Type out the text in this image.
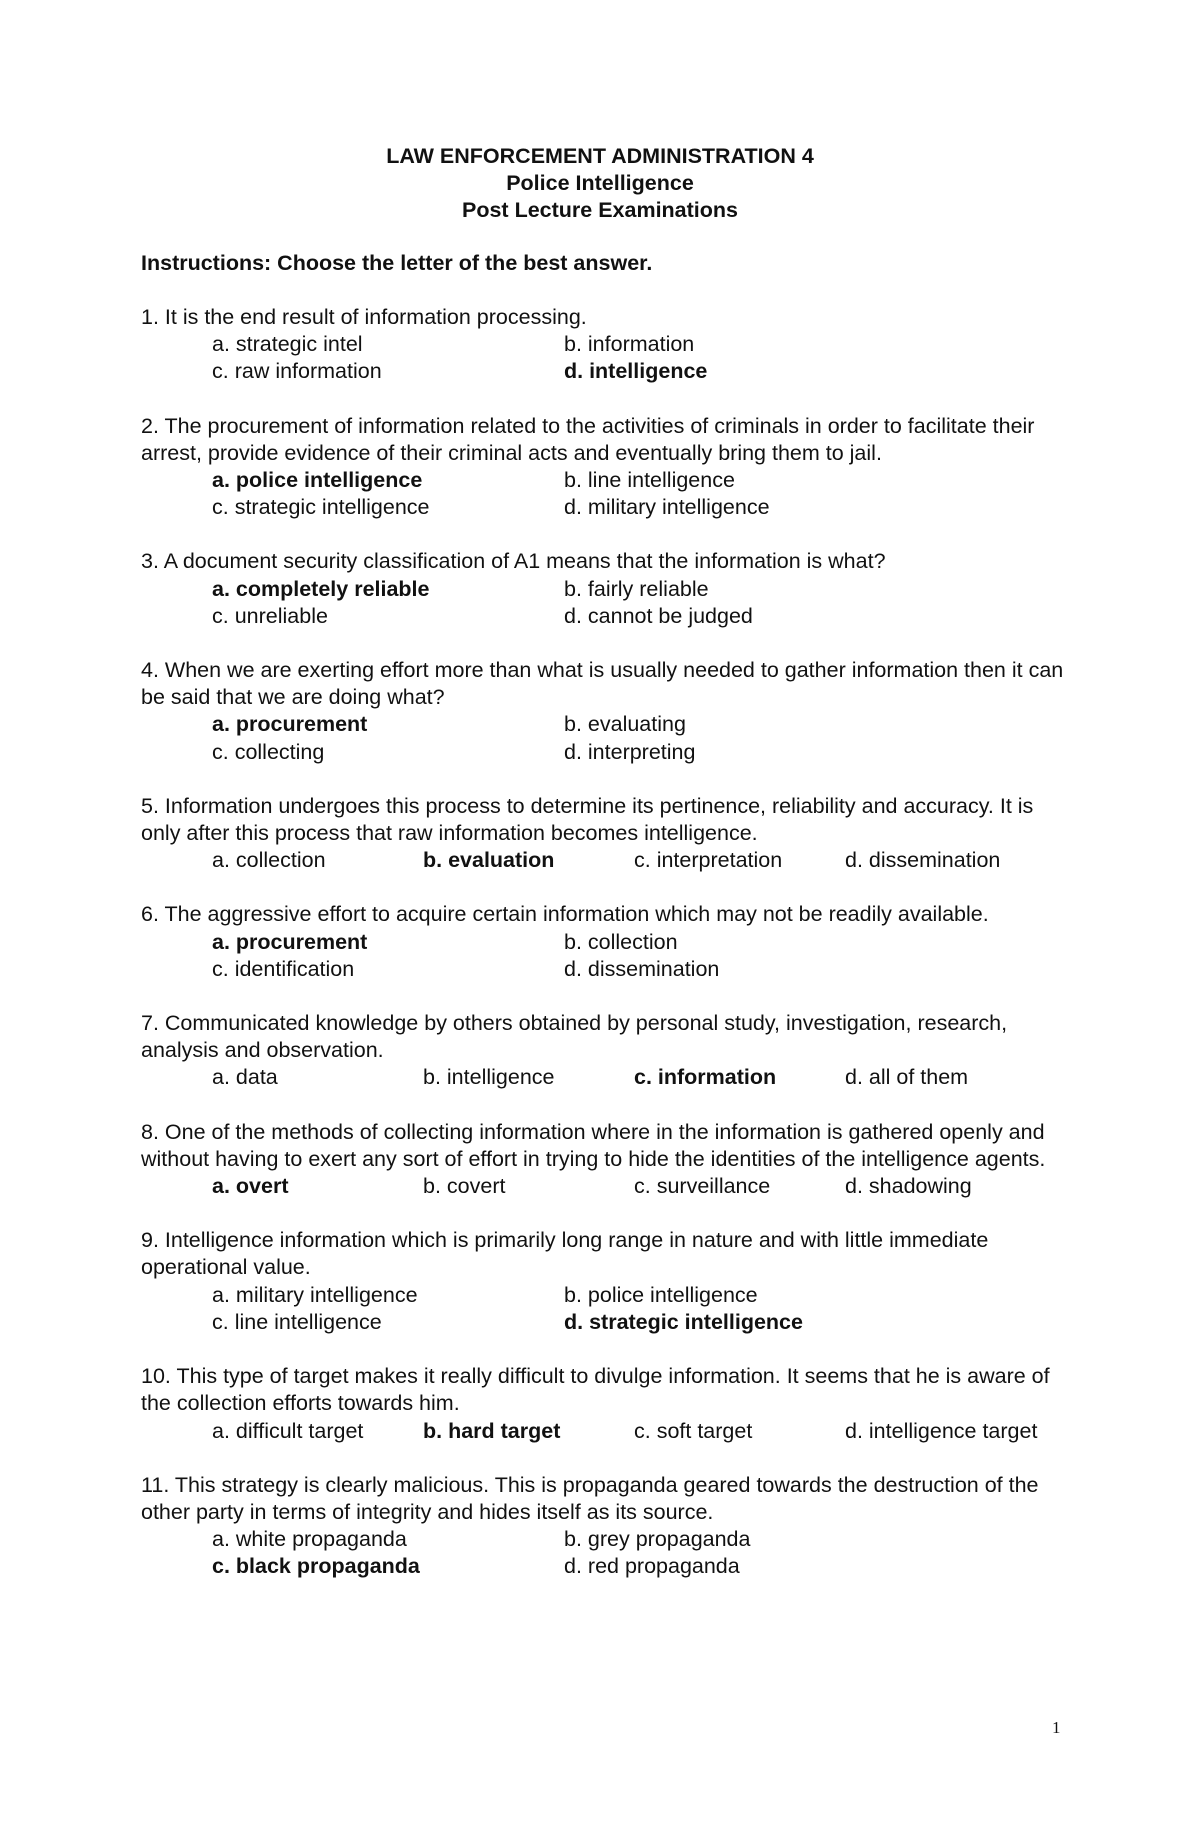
LAW ENFORCEMENT ADMINISTRATION 4
Police Intelligence
Post Lecture Examinations
Instructions: Choose the letter of the best answer.
1. It is the end result of information processing.
a. strategic intel	b. information
c. raw information	d. intelligence
2. The procurement of information related to the activities of criminals in order to facilitate their arrest, provide evidence of their criminal acts and eventually bring them to jail.
a. police intelligence	b. line intelligence
c. strategic intelligence	d. military intelligence
3. A document security classification of A1 means that the information is what?
a. completely reliable	b. fairly reliable
c. unreliable	d. cannot be judged
4. When we are exerting effort more than what is usually needed to gather information then it can be said that we are doing what?
a. procurement	b. evaluating
c. collecting	d. interpreting
5. Information undergoes this process to determine its pertinence, reliability and accuracy. It is only after this process that raw information becomes intelligence.
a. collection	b. evaluation	c. interpretation	d. dissemination
6. The aggressive effort to acquire certain information which may not be readily available.
a. procurement	b. collection
c. identification	d. dissemination
7. Communicated knowledge by others obtained by personal study, investigation, research, analysis and observation.
a. data	b. intelligence	c. information	d. all of them
8. One of the methods of collecting information where in the information is gathered openly and without having to exert any sort of effort in trying to hide the identities of the intelligence agents.
a. overt	b. covert	c. surveillance	d. shadowing
9. Intelligence information which is primarily long range in nature and with little immediate operational value.
a. military intelligence	b. police intelligence
c. line intelligence	d. strategic intelligence
10. This type of target makes it really difficult to divulge information. It seems that he is aware of the collection efforts towards him.
a. difficult target	b. hard target	c. soft target	d. intelligence target
11. This strategy is clearly malicious. This is propaganda geared towards the destruction of the other party in terms of integrity and hides itself as its source.
a. white propaganda	b. grey propaganda
c. black propaganda	d. red propaganda
1
